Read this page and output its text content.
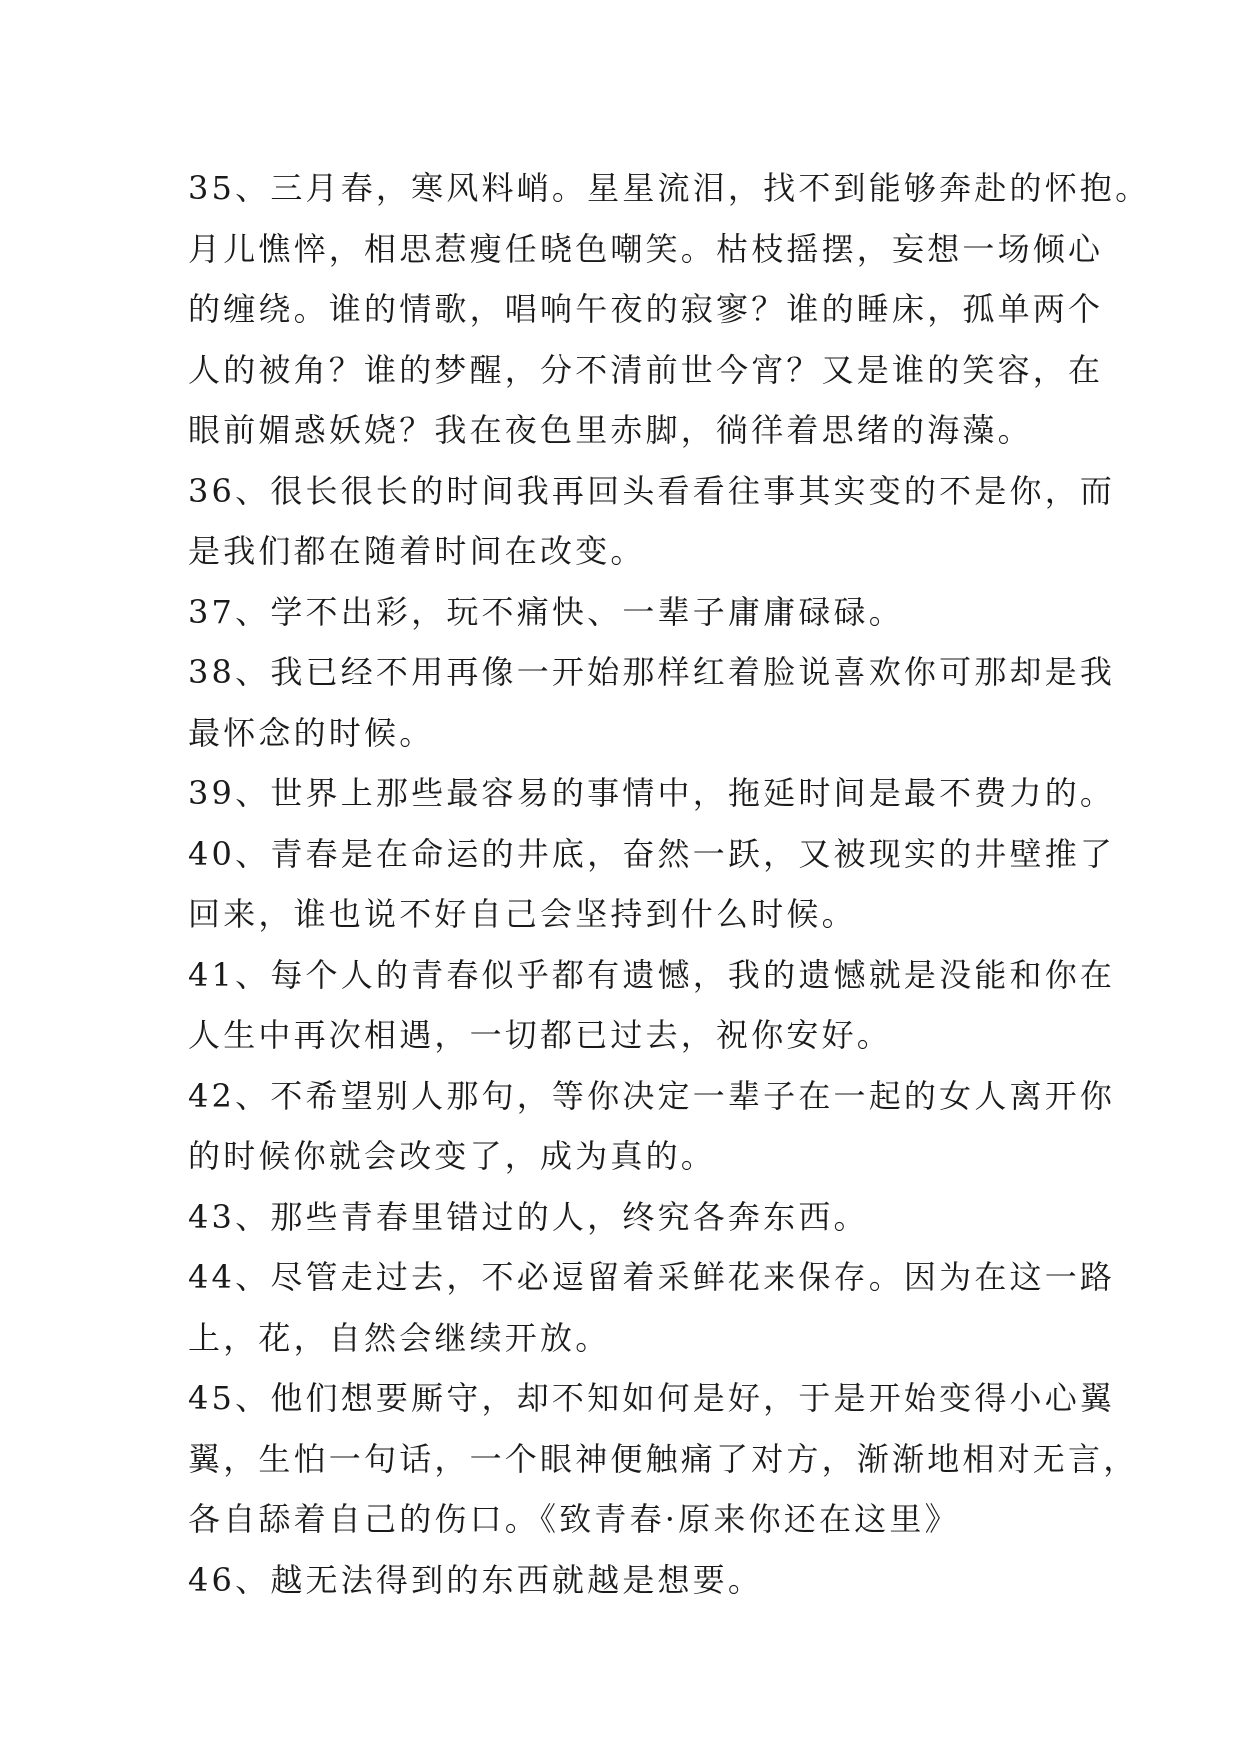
35、三月春，寒风料峭。星星流泪，找不到能够奔赴的怀抱。
月儿憔悴，相思惹瘦任晓色嘲笑。枯枝摇摆，妄想一场倾心
的缠绕。谁的情歌，唱响午夜的寂寥？谁的睡床，孤单两个
人的被角？谁的梦醒，分不清前世今宵？又是谁的笑容，在
眼前媚惑妖娆？我在夜色里赤脚，徜徉着思绪的海藻。
36、很长很长的时间我再回头看看往事其实变的不是你，而
是我们都在随着时间在改变。
37、学不出彩，玩不痛快、一辈子庸庸碌碌。
38、我已经不用再像一开始那样红着脸说喜欢你可那却是我
最怀念的时候。
39、世界上那些最容易的事情中，拖延时间是最不费力的。
40、青春是在命运的井底，奋然一跃，又被现实的井壁推了
回来，谁也说不好自己会坚持到什么时候。
41、每个人的青春似乎都有遗憾，我的遗憾就是没能和你在
人生中再次相遇，一切都已过去，祝你安好。
42、不希望别人那句，等你决定一辈子在一起的女人离开你
的时候你就会改变了，成为真的。
43、那些青春里错过的人，终究各奔东西。
44、尽管走过去，不必逗留着采鲜花来保存。因为在这一路
上，花，自然会继续开放。
45、他们想要厮守，却不知如何是好，于是开始变得小心翼
翼，生怕一句话，一个眼神便触痛了对方，渐渐地相对无言，
各自舔着自己的伤口。《致青春·原来你还在这里》
46、越无法得到的东西就越是想要。
